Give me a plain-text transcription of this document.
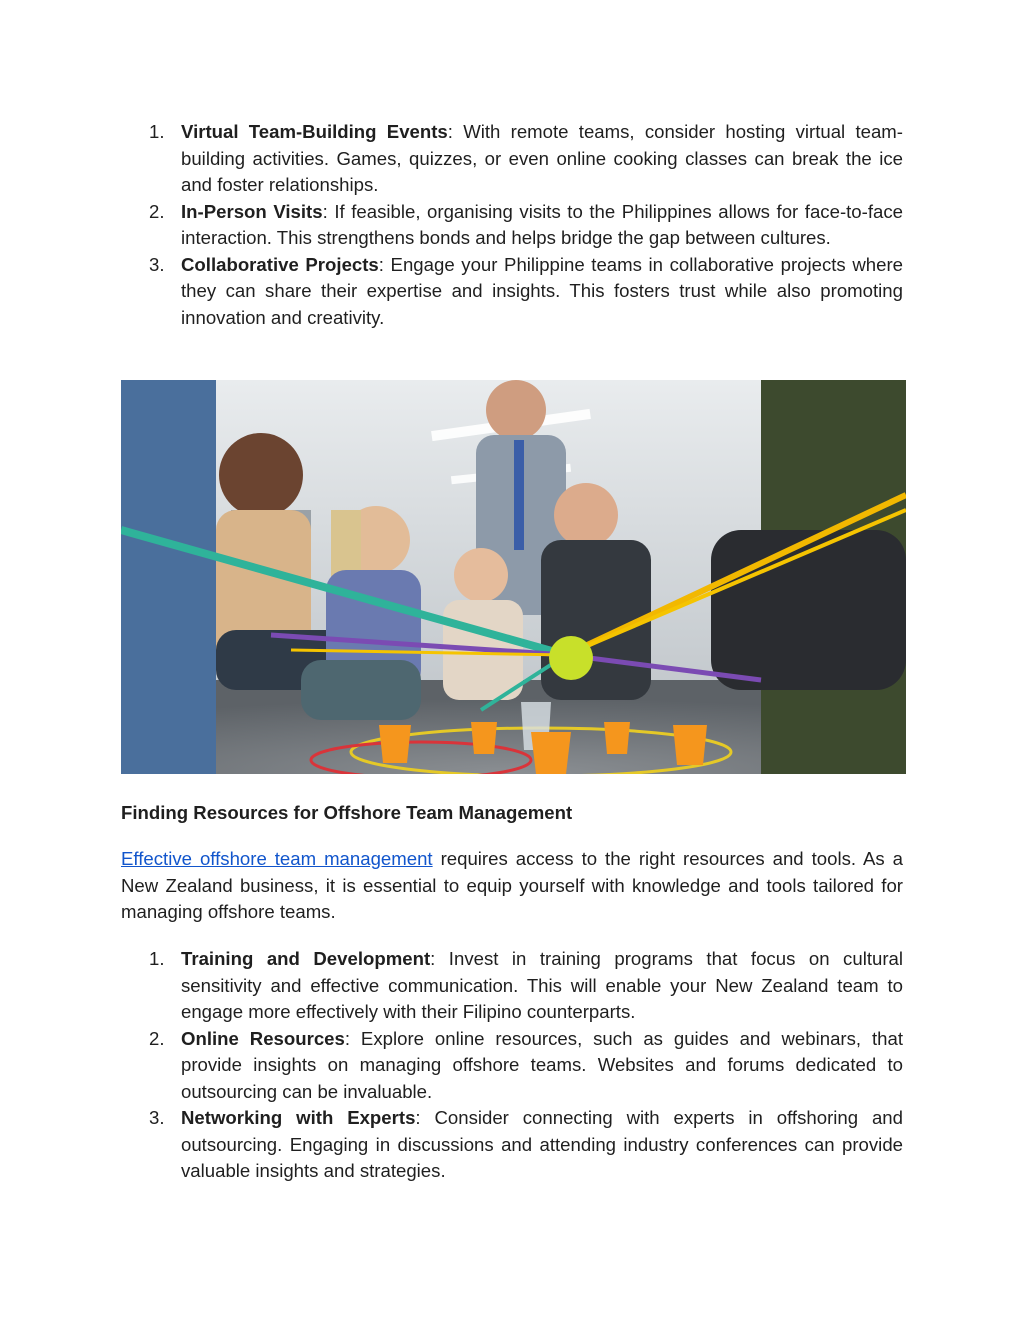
1. Virtual Team-Building Events: With remote teams, consider hosting virtual team-building activities. Games, quizzes, or even online cooking classes can break the ice and foster relationships.
2. In-Person Visits: If feasible, organising visits to the Philippines allows for face-to-face interaction. This strengthens bonds and helps bridge the gap between cultures.
3. Collaborative Projects: Engage your Philippine teams in collaborative projects where they can share their expertise and insights. This fosters trust while also promoting innovation and creativity.
Finding Resources for Offshore Team Management

Effective offshore team management requires access to the right resources and tools. As a New Zealand business, it is essential to equip yourself with knowledge and tools tailored for managing offshore teams.

1. Training and Development: Invest in training programs that focus on cultural sensitivity and effective communication. This will enable your New Zealand team to engage more effectively with their Filipino counterparts.
2. Online Resources: Explore online resources, such as guides and webinars, that provide insights on managing offshore teams. Websites and forums dedicated to outsourcing can be invaluable.
3. Networking with Experts: Consider connecting with experts in offshoring and outsourcing. Engaging in discussions and attending industry conferences can provide valuable insights and strategies.
